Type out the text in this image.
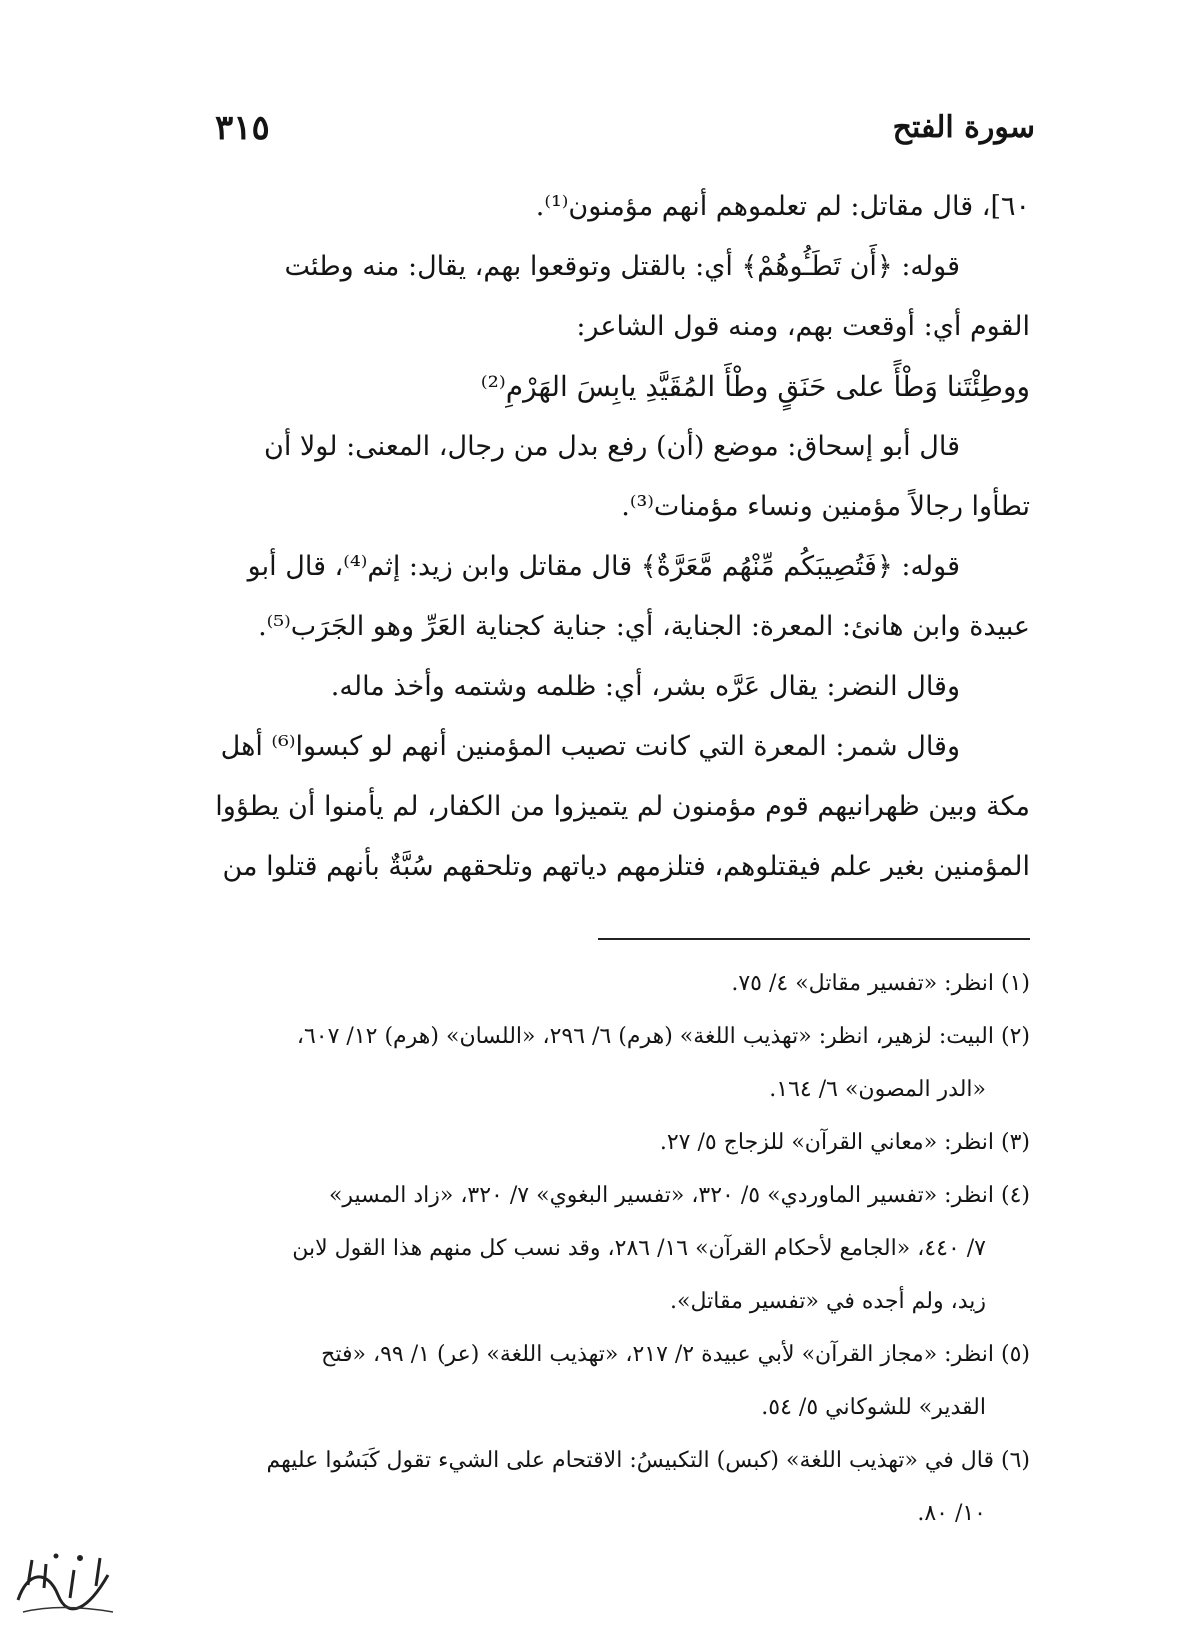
سورة الفتح
٣١٥
٦٠]، قال مقاتل: لم تعلموهم أنهم مؤمنون⁽¹⁾.
قوله: ﴿أَن تَطَـُٔوهُمْ﴾ أي: بالقتل وتوقعوا بهم، يقال: منه وطئت
القوم أي: أوقعت بهم، ومنه قول الشاعر:
ووطِئْتَنا وَطْأً على حَنَقٍ وطْأَ المُقَيَّدِ يابِسَ الهَرْمِ⁽²⁾
قال أبو إسحاق: موضع (أن) رفع بدل من رجال، المعنى: لولا أن
تطأوا رجالاً مؤمنين ونساء مؤمنات⁽³⁾.
قوله: ﴿فَتُصِيبَكُم مِّنْهُم مَّعَرَّةٌ﴾ قال مقاتل وابن زيد: إثم⁽⁴⁾، قال أبو
عبيدة وابن هانئ: المعرة: الجناية، أي: جناية كجناية العَرِّ وهو الجَرَب⁽⁵⁾.
وقال النضر: يقال عَرَّه بشر، أي: ظلمه وشتمه وأخذ ماله.
وقال شمر: المعرة التي كانت تصيب المؤمنين أنهم لو كبسوا⁽⁶⁾ أهل
مكة وبين ظهرانيهم قوم مؤمنون لم يتميزوا من الكفار، لم يأمنوا أن يطؤوا
المؤمنين بغير علم فيقتلوهم، فتلزمهم دياتهم وتلحقهم سُبَّةٌ بأنهم قتلوا من
(١) انظر: «تفسير مقاتل» ٤/ ٧٥.
(٢) البيت: لزهير، انظر: «تهذيب اللغة» (هرم) ٦/ ٢٩٦، «اللسان» (هرم) ١٢/ ٦٠٧،
«الدر المصون» ٦/ ١٦٤.
(٣) انظر: «معاني القرآن» للزجاج ٥/ ٢٧.
(٤) انظر: «تفسير الماوردي» ٥/ ٣٢٠، «تفسير البغوي» ٧/ ٣٢٠، «زاد المسير»
٧/ ٤٤٠، «الجامع لأحكام القرآن» ١٦/ ٢٨٦، وقد نسب كل منهم هذا القول لابن
زيد، ولم أجده في «تفسير مقاتل».
(٥) انظر: «مجاز القرآن» لأبي عبيدة ٢/ ٢١٧، «تهذيب اللغة» (عر) ١/ ٩٩، «فتح
القدير» للشوكاني ٥/ ٥٤.
(٦) قال في «تهذيب اللغة» (كبس) التكبيسُ: الاقتحام على الشيء تقول كَبَسُوا عليهم
١٠/ ٨٠.
